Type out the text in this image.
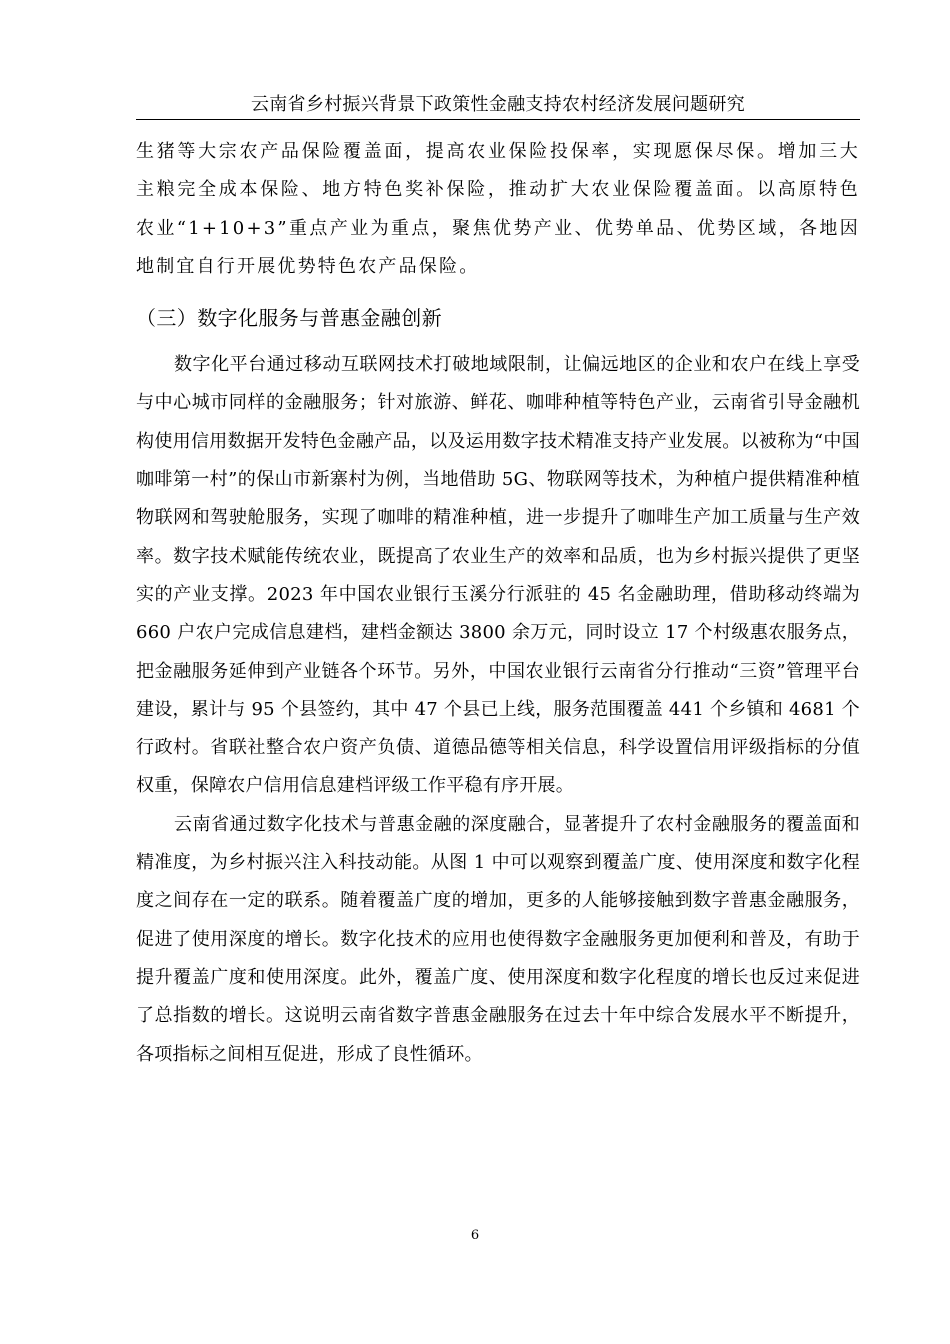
云南省乡村振兴背景下政策性金融支持农村经济发展问题研究

生猪等大宗农产品保险覆盖面，提高农业保险投保率，实现愿保尽保。增加三大主粮完全成本保险、地方特色奖补保险，推动扩大农业保险覆盖面。以高原特色农业“1+10+3”重点产业为重点，聚焦优势产业、优势单品、优势区域，各地因地制宜自行开展优势特色农产品保险。

（三）数字化服务与普惠金融创新

数字化平台通过移动互联网技术打破地域限制，让偏远地区的企业和农户在线上享受与中心城市同样的金融服务；针对旅游、鲜花、咖啡种植等特色产业，云南省引导金融机构使用信用数据开发特色金融产品，以及运用数字技术精准支持产业发展。以被称为“中国咖啡第一村”的保山市新寨村为例，当地借助 5G、物联网等技术，为种植户提供精准种植物联网和驾驶舱服务，实现了咖啡的精准种植，进一步提升了咖啡生产加工质量与生产效率。数字技术赋能传统农业，既提高了农业生产的效率和品质，也为乡村振兴提供了更坚实的产业支撑。2023 年中国农业银行玉溪分行派驻的 45 名金融助理，借助移动终端为 660 户农户完成信息建档，建档金额达 3800 余万元，同时设立 17 个村级惠农服务点，把金融服务延伸到产业链各个环节。另外，中国农业银行云南省分行推动“三资”管理平台建设，累计与 95 个县签约，其中 47 个县已上线，服务范围覆盖 441 个乡镇和 4681 个行政村。省联社整合农户资产负债、道德品德等相关信息，科学设置信用评级指标的分值权重，保障农户信用信息建档评级工作平稳有序开展。

云南省通过数字化技术与普惠金融的深度融合，显著提升了农村金融服务的覆盖面和精准度，为乡村振兴注入科技动能。从图 1 中可以观察到覆盖广度、使用深度和数字化程度之间存在一定的联系。随着覆盖广度的增加，更多的人能够接触到数字普惠金融服务，促进了使用深度的增长。数字化技术的应用也使得数字金融服务更加便利和普及，有助于提升覆盖广度和使用深度。此外，覆盖广度、使用深度和数字化程度的增长也反过来促进了总指数的增长。这说明云南省数字普惠金融服务在过去十年中综合发展水平不断提升，各项指标之间相互促进，形成了良性循环。

6
